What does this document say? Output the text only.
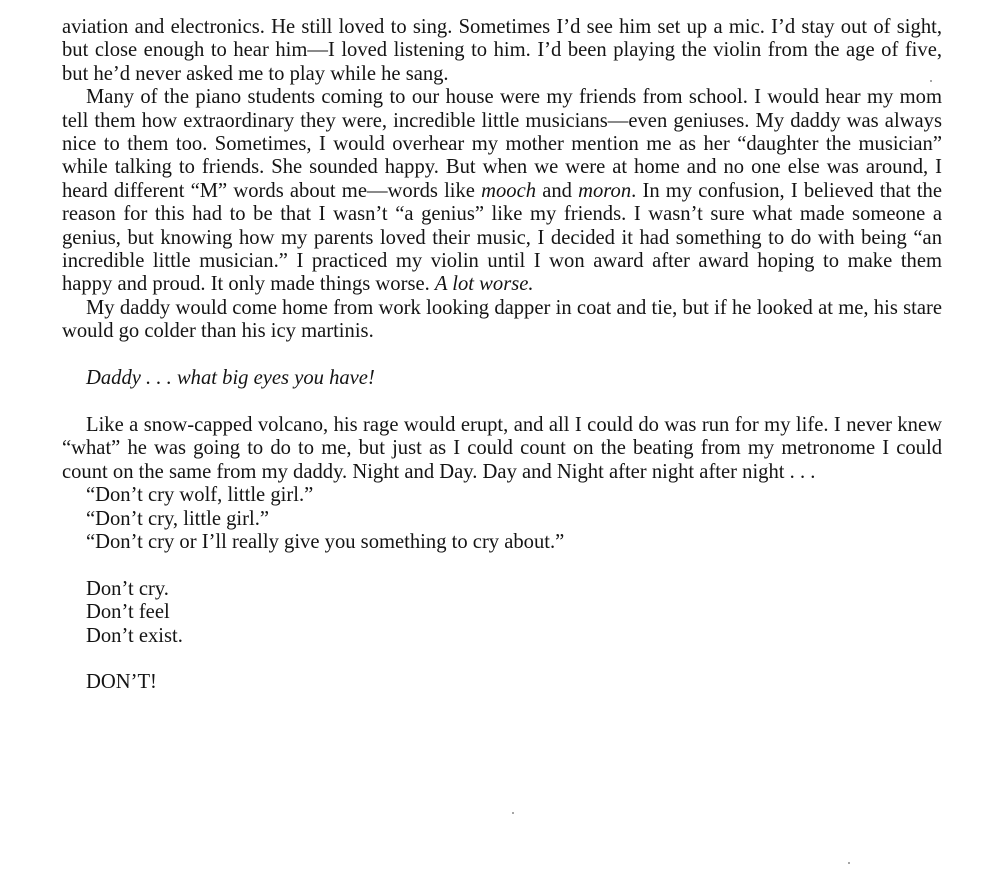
aviation and electronics. He still loved to sing. Sometimes I’d see him set up a mic. I’d stay out of sight, but close enough to hear him—I loved listening to him. I’d been playing the violin from the age of five, but he’d never asked me to play while he sang.

Many of the piano students coming to our house were my friends from school. I would hear my mom tell them how extraordinary they were, incredible little musicians—even geniuses. My daddy was always nice to them too. Sometimes, I would overhear my mother mention me as her “daughter the musician” while talking to friends. She sounded happy. But when we were at home and no one else was around, I heard different “M” words about me—words like mooch and moron. In my confusion, I believed that the reason for this had to be that I wasn’t “a genius” like my friends. I wasn’t sure what made someone a genius, but knowing how my parents loved their music, I decided it had something to do with being “an incredible little musician.” I practiced my violin until I won award after award hoping to make them happy and proud. It only made things worse. A lot worse.

My daddy would come home from work looking dapper in coat and tie, but if he looked at me, his stare would go colder than his icy martinis.

Daddy . . . what big eyes you have!

Like a snow-capped volcano, his rage would erupt, and all I could do was run for my life. I never knew “what” he was going to do to me, but just as I could count on the beating from my metronome I could count on the same from my daddy. Night and Day. Day and Night after night after night . . .

“Don’t cry wolf, little girl.”

“Don’t cry, little girl.”

“Don’t cry or I’ll really give you something to cry about.”

Don’t cry.

Don’t feel

Don’t exist.

DON’T!
